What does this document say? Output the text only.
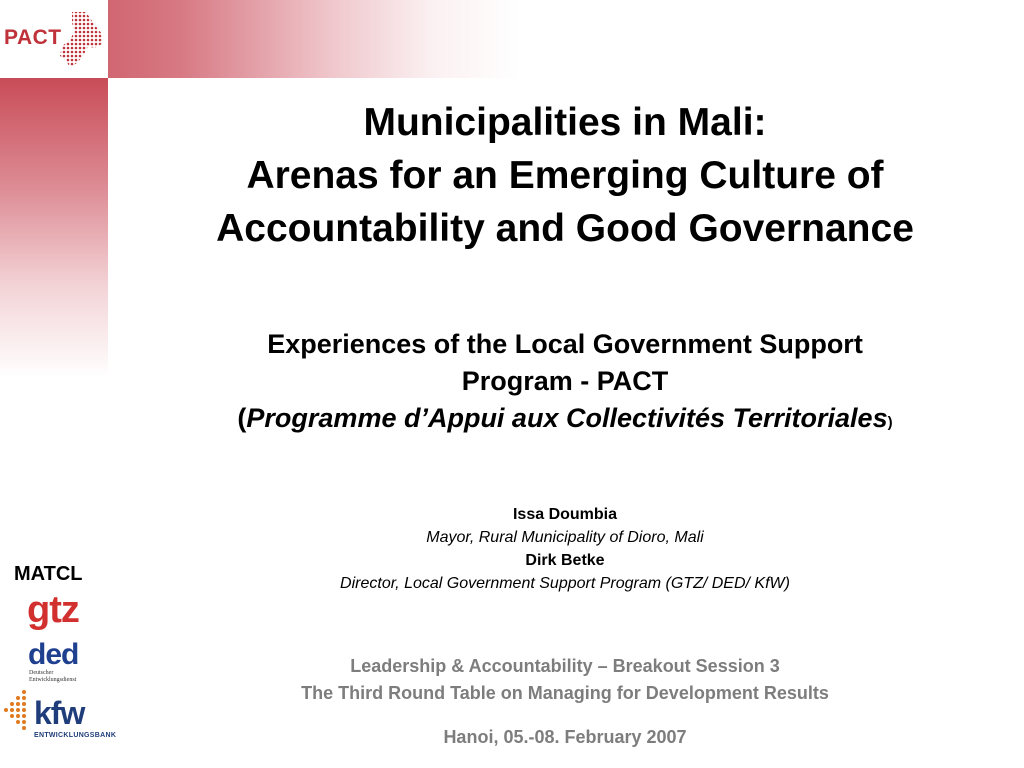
PACT
Municipalities in Mali:
Arenas for an Emerging Culture of
Accountability and Good Governance
Experiences of the Local Government Support
Program - PACT
(Programme d’Appui aux Collectivités Territoriales)
Issa Doumbia
Mayor, Rural Municipality of Dioro, Mali
Dirk Betke
Director, Local Government Support Program (GTZ/ DED/ KfW)
Leadership & Accountability – Breakout Session 3
The Third Round Table on Managing for Development Results
Hanoi, 05.-08. February 2007
MATCL
gtz
ded
Deutscher
Entwicklungsdienst
kfw
ENTWICKLUNGSBANK
